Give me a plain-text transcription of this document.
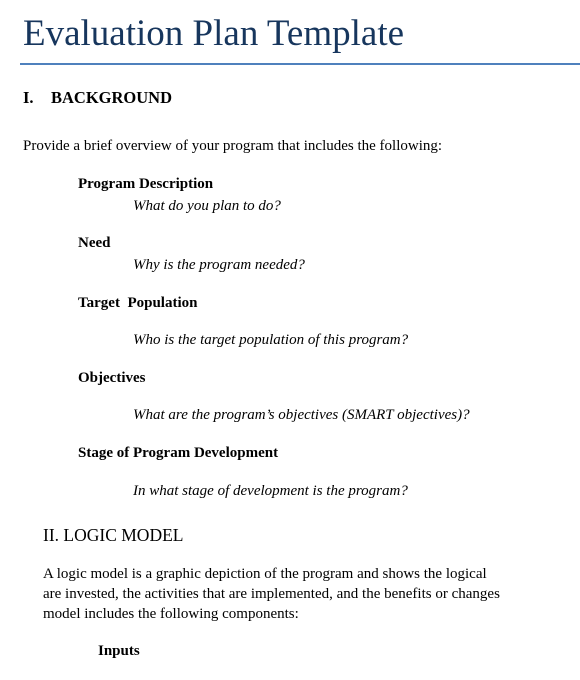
Evaluation Plan Template
I. BACKGROUND
Provide a brief overview of your program that includes the following:
Program Description
What do you plan to do?
Need
Why is the program needed?
Target  Population
Who is the target population of this program?
Objectives
What are the program’s objectives (SMART objectives)?
Stage of Program Development
In what stage of development is the program?
II. LOGIC MODEL
A logic model is a graphic depiction of the program and shows the logical
are invested, the activities that are implemented, and the benefits or changes
model includes the following components:
Inputs
